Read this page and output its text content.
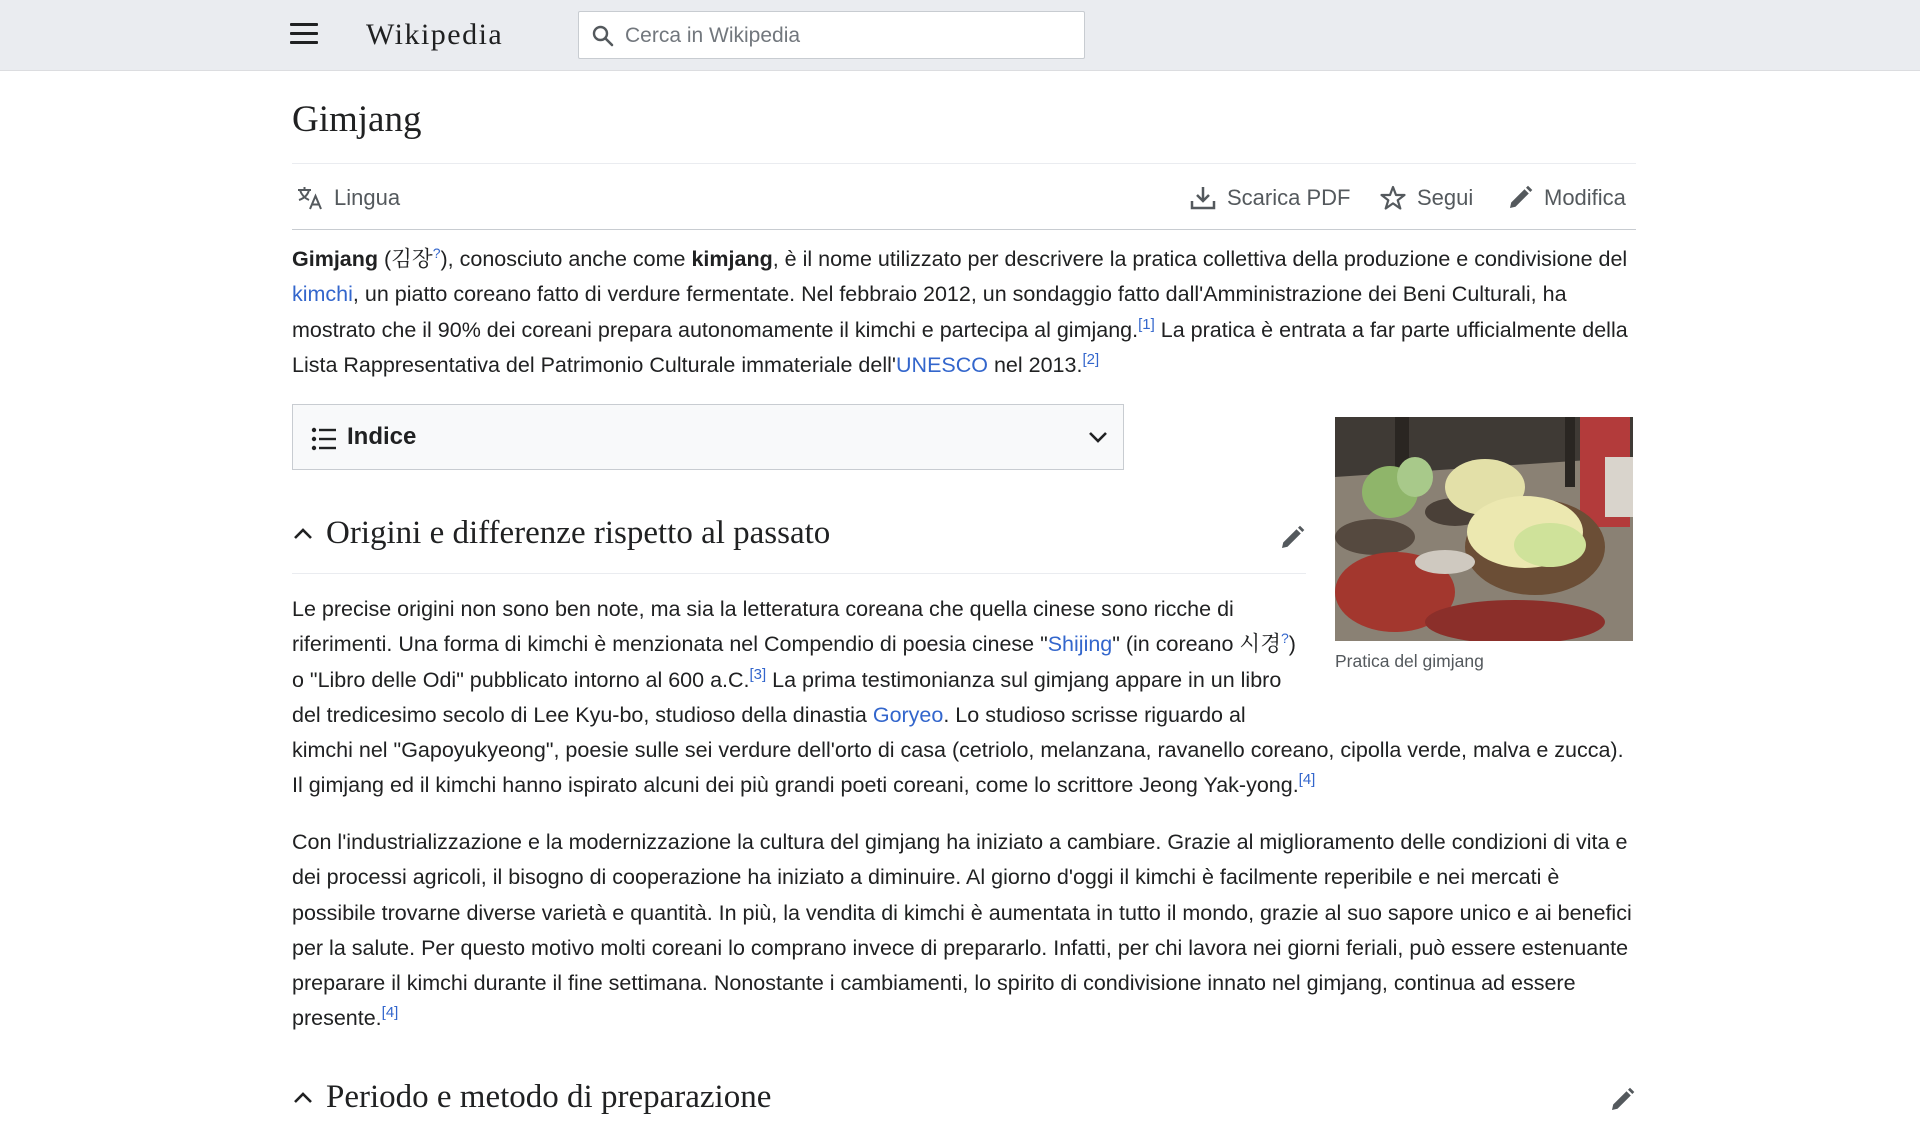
Wikipedia
Cerca in Wikipedia
Gimjang
Lingua	Scarica PDF	Segui	Modifica

Gimjang (김장?), conosciuto anche come kimjang, è il nome utilizzato per descrivere la pratica collettiva della produzione e condivisione del kimchi, un piatto coreano fatto di verdure fermentate. Nel febbraio 2012, un sondaggio fatto dall'Amministrazione dei Beni Culturali, ha mostrato che il 90% dei coreani prepara autonomamente il kimchi e partecipa al gimjang.[1] La pratica è entrata a far parte ufficialmente della Lista Rappresentativa del Patrimonio Culturale immateriale dell'UNESCO nel 2013.[2]

Indice
Pratica del gimjang
Origini e differenze rispetto al passato

Le precise origini non sono ben note, ma sia la letteratura coreana che quella cinese sono ricche di riferimenti. Una forma di kimchi è menzionata nel Compendio di poesia cinese "Shijing" (in coreano 시경?) o "Libro delle Odi" pubblicato intorno al 600 a.C.[3] La prima testimonianza sul gimjang appare in un libro del tredicesimo secolo di Lee Kyu-bo, studioso della dinastia Goryeo. Lo studioso scrisse riguardo al kimchi nel "Gapoyukyeong", poesie sulle sei verdure dell'orto di casa (cetriolo, melanzana, ravanello coreano, cipolla verde, malva e zucca). Il gimjang ed il kimchi hanno ispirato alcuni dei più grandi poeti coreani, come lo scrittore Jeong Yak-yong.[4]

Con l'industrializzazione e la modernizzazione la cultura del gimjang ha iniziato a cambiare. Grazie al miglioramento delle condizioni di vita e dei processi agricoli, il bisogno di cooperazione ha iniziato a diminuire. Al giorno d'oggi il kimchi è facilmente reperibile e nei mercati è possibile trovarne diverse varietà e quantità. In più, la vendita di kimchi è aumentata in tutto il mondo, grazie al suo sapore unico e ai benefici per la salute. Per questo motivo molti coreani lo comprano invece di prepararlo. Infatti, per chi lavora nei giorni feriali, può essere estenuante preparare il kimchi durante il fine settimana. Nonostante i cambiamenti, lo spirito di condivisione innato nel gimjang, continua ad essere presente.[4]

Periodo e metodo di preparazione
